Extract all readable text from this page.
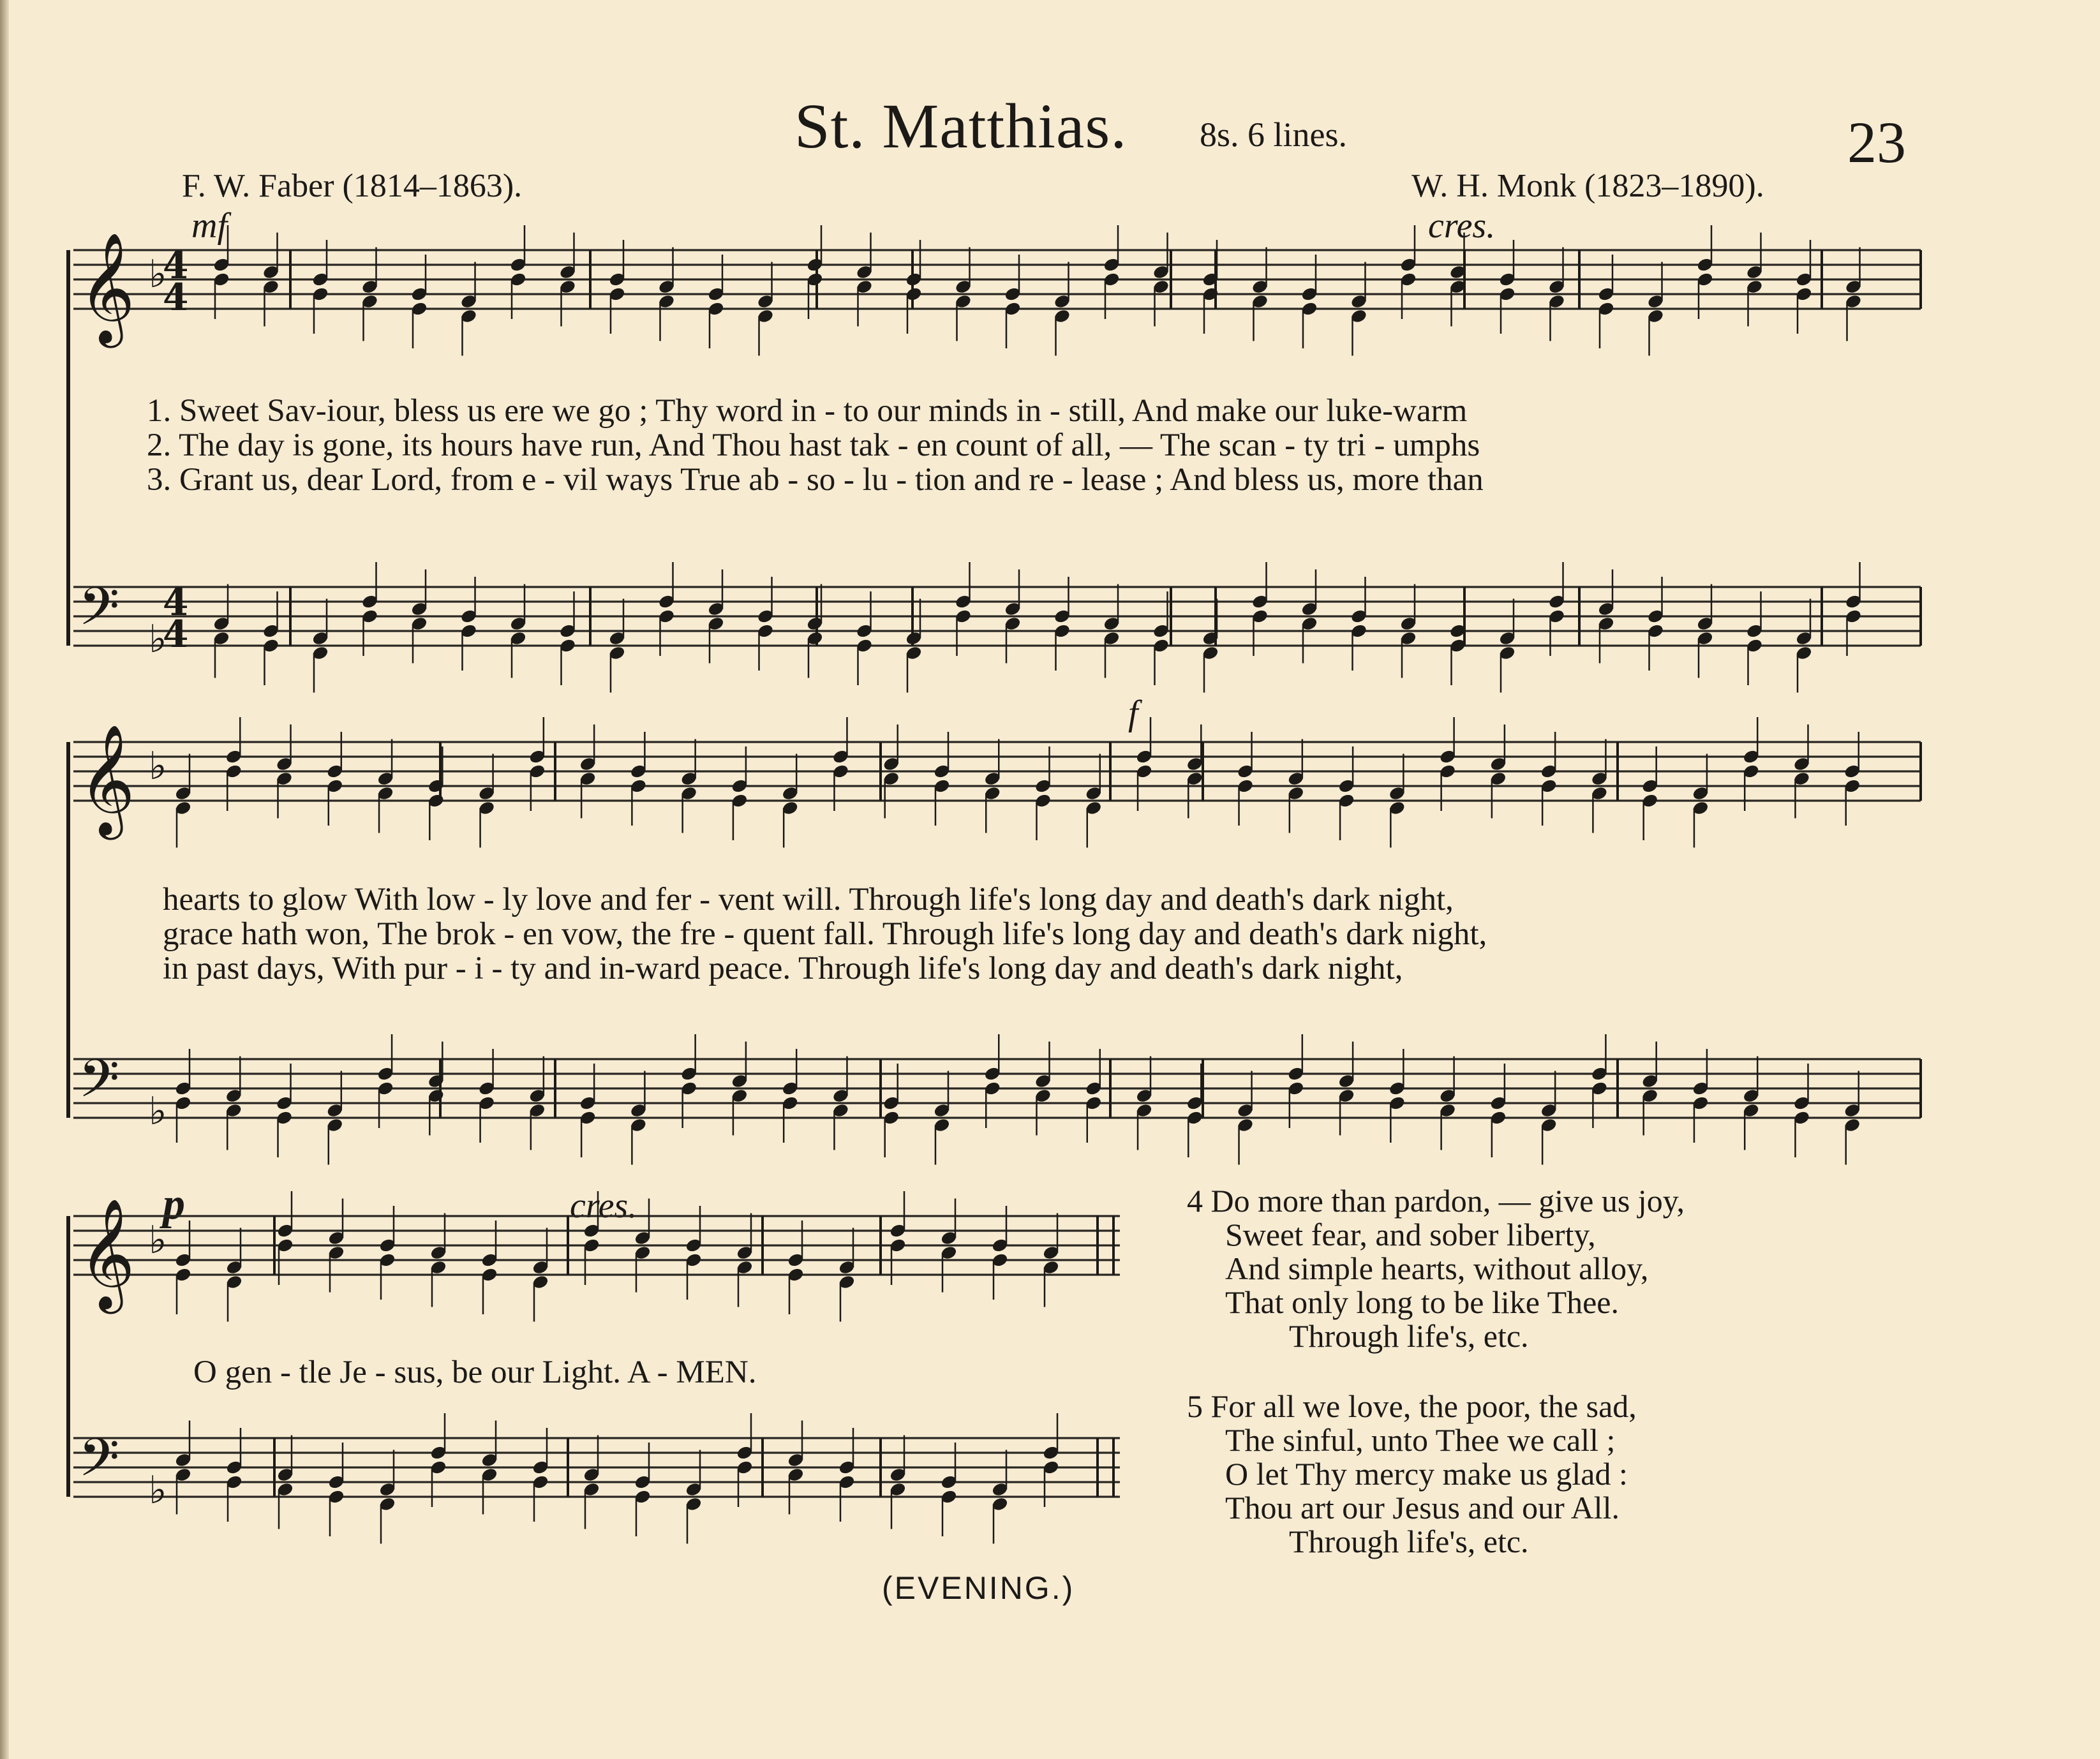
St. Matthias. 8s. 6 lines.	23
F. W. Faber (1814–1863).	W. H. Monk (1823–1890).
mf	cres.
f
p	cres.
𝄞 ♭
4
4
𝄢 ♭
4
4
𝄞 ♭
𝄢 ♭
𝄞 ♭
𝄢 ♭
1. Sweet Sav-iour, bless us ere we go ; Thy word in - to our minds in - still, And make our luke-warm
2. The day is gone, its hours have run, And Thou hast tak - en count of all, — The scan - ty tri - umphs
3. Grant us, dear Lord, from e - vil ways True ab - so - lu - tion and re - lease ; And bless us, more than
hearts to glow With low - ly love and fer - vent will. Through life's long day and death's dark night,
grace hath won, The brok - en vow, the fre - quent fall. Through life's long day and death's dark night,
in past days, With pur - i - ty and in-ward peace. Through life's long day and death's dark night,
O gen - tle Je - sus, be our Light. A - MEN.
4 Do more than pardon, — give us joy,
Sweet fear, and sober liberty,
And simple hearts, without alloy,
That only long to be like Thee.
Through life's, etc.
5 For all we love, the poor, the sad,
The sinful, unto Thee we call ;
O let Thy mercy make us glad :
Thou art our Jesus and our All.
Through life's, etc.
(EVENING.)
